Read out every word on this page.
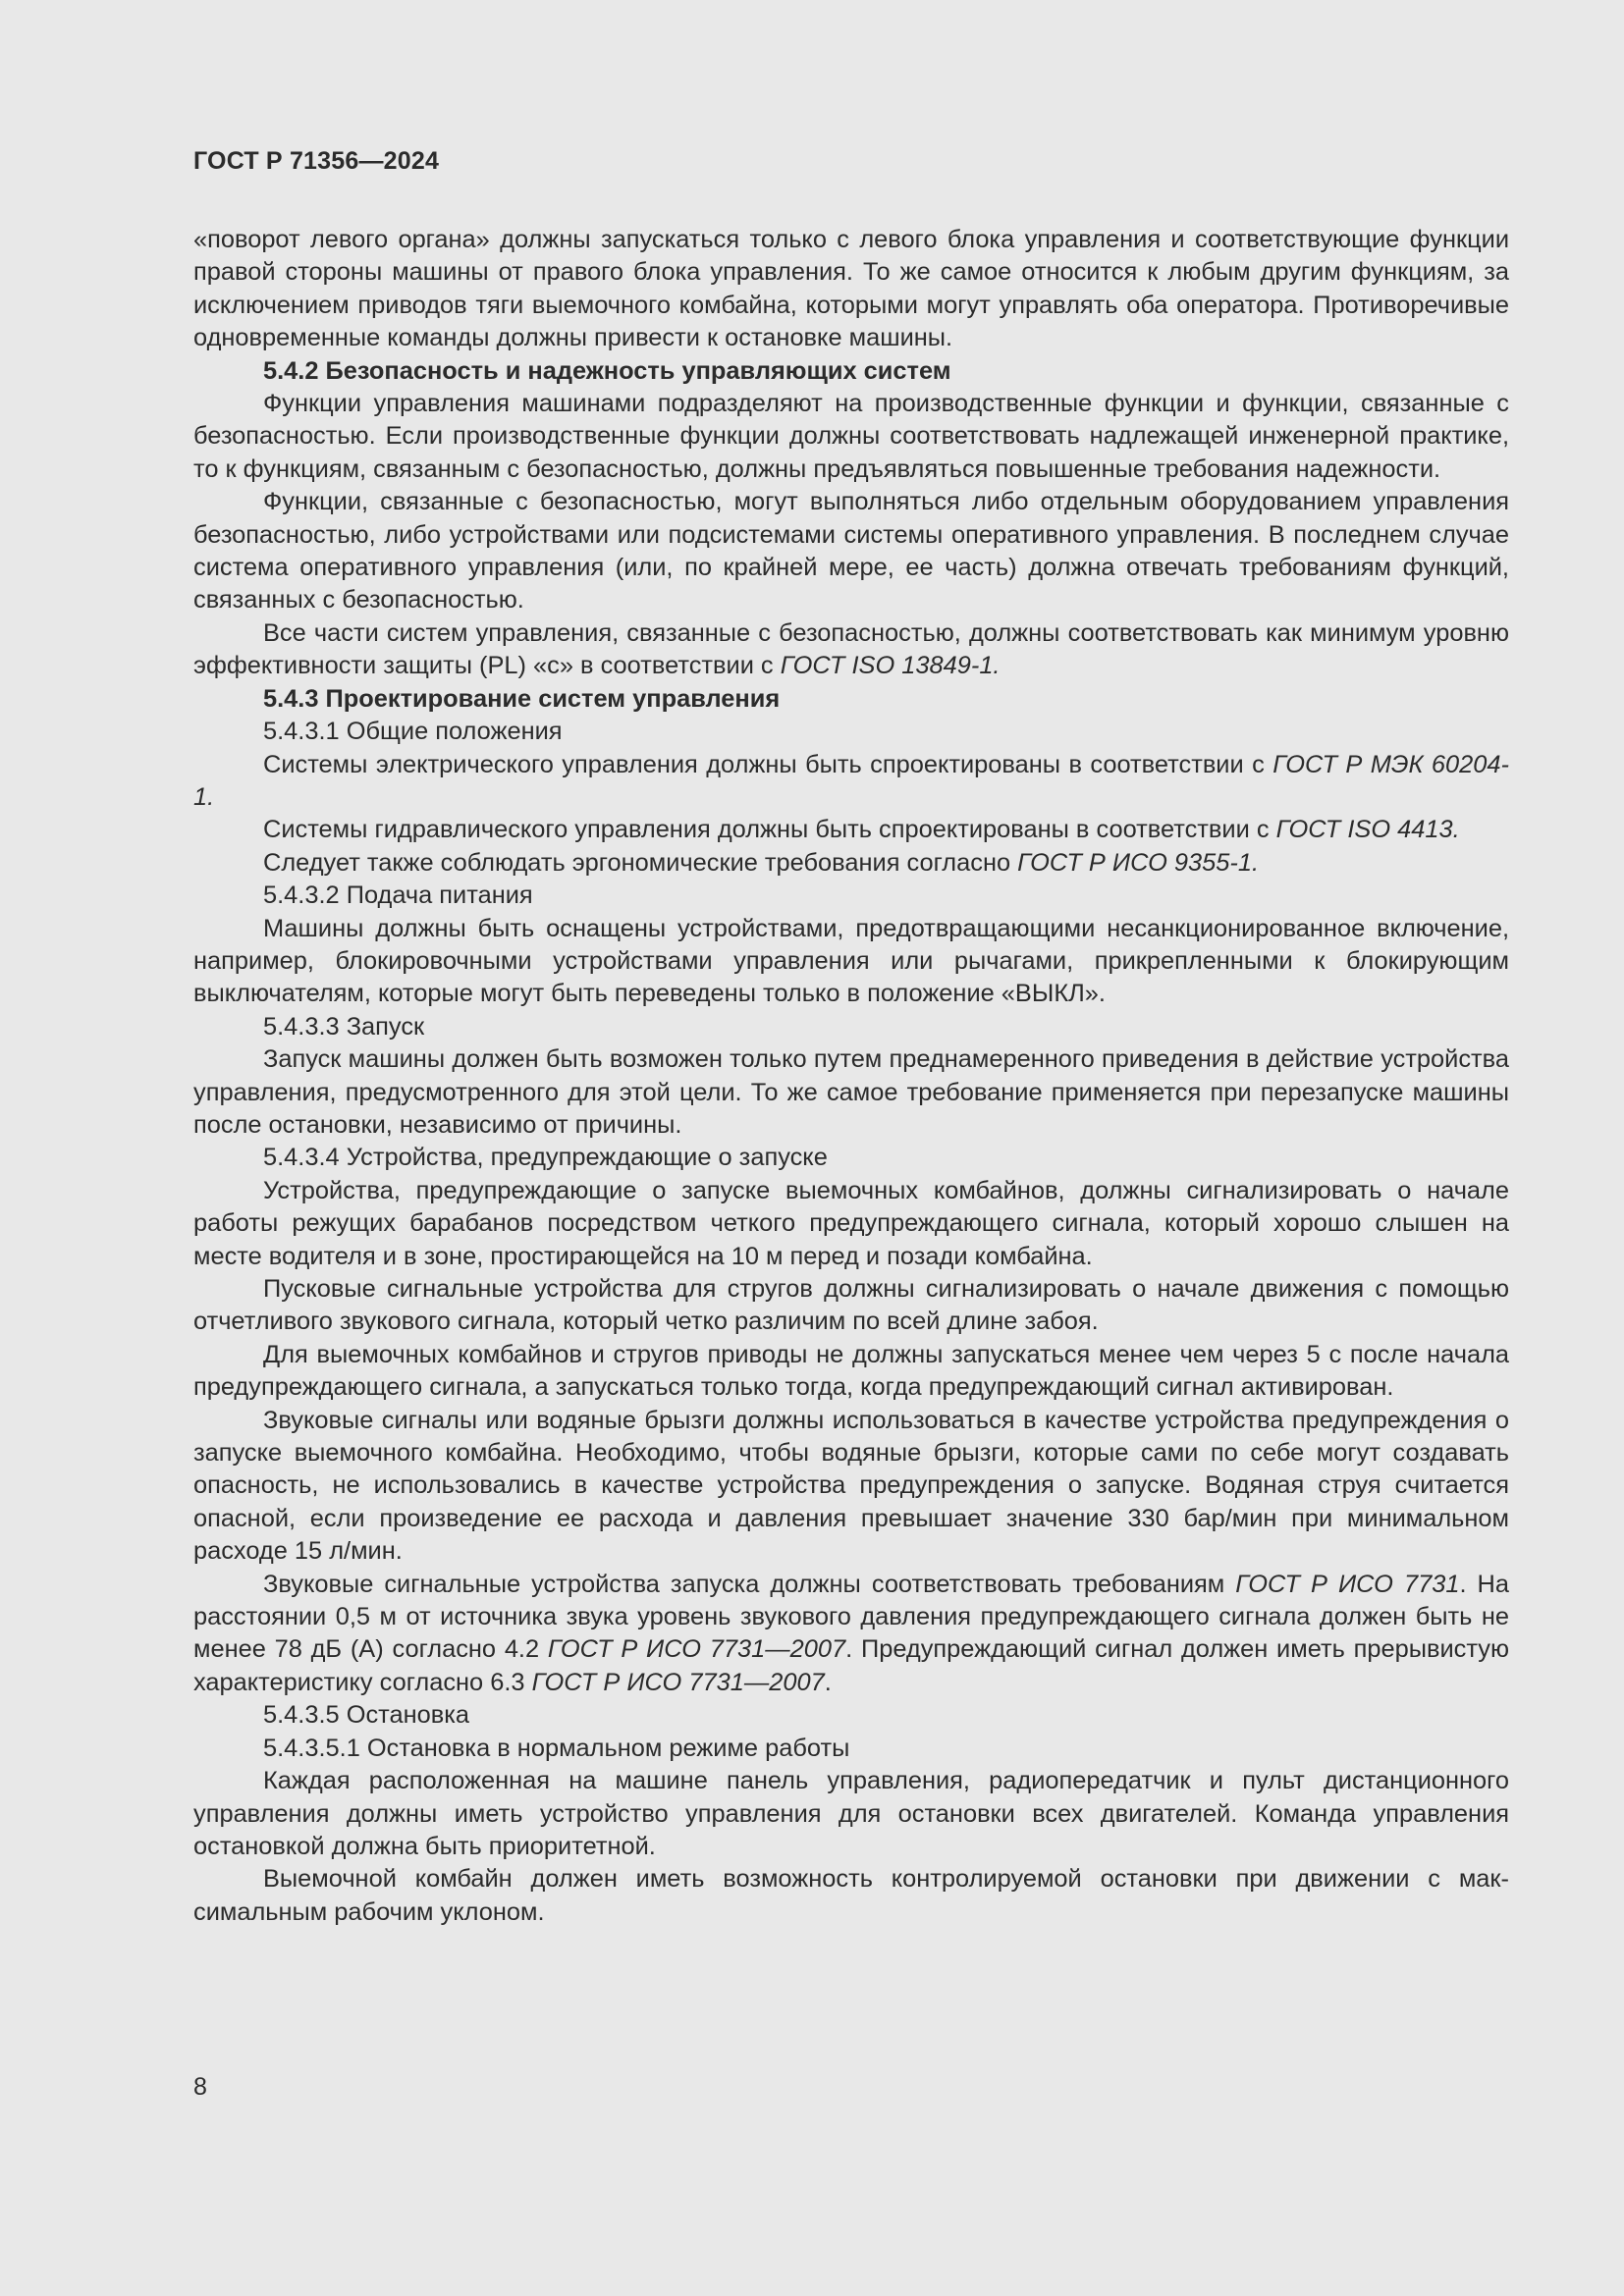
ГОСТ Р 71356—2024

«поворот левого органа» должны запускаться только с левого блока управления и соответствующие функции правой стороны машины от правого блока управления. То же самое относится к любым другим функциям, за исключением приводов тяги выемочного комбайна, которыми могут управлять оба оператора. Противоречивые одновременные команды должны привести к остановке машины.

5.4.2 Безопасность и надежность управляющих систем

Функции управления машинами подразделяют на производственные функции и функции, связанные с безопасностью. Если производственные функции должны соответствовать надлежащей инженерной практике, то к функциям, связанным с безопасностью, должны предъявляться повышенные требования надежности.

Функции, связанные с безопасностью, могут выполняться либо отдельным оборудованием управления безопасностью, либо устройствами или подсистемами системы оперативного управления. В последнем случае система оперативного управления (или, по крайней мере, ее часть) должна отвечать требованиям функций, связанных с безопасностью.

Все части систем управления, связанные с безопасностью, должны соответствовать как минимум уровню эффективности защиты (PL) «с» в соответствии с ГОСТ ISO 13849-1.

5.4.3 Проектирование систем управления

5.4.3.1 Общие положения

Системы электрического управления должны быть спроектированы в соответствии с ГОСТ Р МЭК 60204-1.

Системы гидравлического управления должны быть спроектированы в соответствии с ГОСТ ISO 4413.

Следует также соблюдать эргономические требования согласно ГОСТ Р ИСО 9355-1.

5.4.3.2 Подача питания

Машины должны быть оснащены устройствами, предотвращающими несанкционированное включение, например, блокировочными устройствами управления или рычагами, прикрепленными к блокирующим выключателям, которые могут быть переведены только в положение «ВЫКЛ».

5.4.3.3 Запуск

Запуск машины должен быть возможен только путем преднамеренного приведения в действие устройства управления, предусмотренного для этой цели. То же самое требование применяется при перезапуске машины после остановки, независимо от причины.

5.4.3.4 Устройства, предупреждающие о запуске

Устройства, предупреждающие о запуске выемочных комбайнов, должны сигнализировать о начале работы режущих барабанов посредством четкого предупреждающего сигнала, который хорошо слышен на месте водителя и в зоне, простирающейся на 10 м перед и позади комбайна.

Пусковые сигнальные устройства для стругов должны сигнализировать о начале движения с помощью отчетливого звукового сигнала, который четко различим по всей длине забоя.

Для выемочных комбайнов и стругов приводы не должны запускаться менее чем через 5 с после начала предупреждающего сигнала, а запускаться только тогда, когда предупреждающий сигнал активирован.

Звуковые сигналы или водяные брызги должны использоваться в качестве устройства предупреждения о запуске выемочного комбайна. Необходимо, чтобы водяные брызги, которые сами по себе могут создавать опасность, не использовались в качестве устройства предупреждения о запуске. Водяная струя считается опасной, если произведение ее расхода и давления превышает значение 330 бар/мин при минимальном расходе 15 л/мин.

Звуковые сигнальные устройства запуска должны соответствовать требованиям ГОСТ Р ИСО 7731. На расстоянии 0,5 м от источника звука уровень звукового давления предупреждающего сигнала должен быть не менее 78 дБ (А) согласно 4.2 ГОСТ Р ИСО 7731—2007. Предупреждающий сигнал должен иметь прерывистую характеристику согласно 6.3 ГОСТ Р ИСО 7731—2007.

5.4.3.5 Остановка

5.4.3.5.1 Остановка в нормальном режиме работы

Каждая расположенная на машине панель управления, радиопередатчик и пульт дистанционного управления должны иметь устройство управления для остановки всех двигателей. Команда управления остановкой должна быть приоритетной.

Выемочной комбайн должен иметь возможность контролируемой остановки при движении с максимальным рабочим уклоном.

8
